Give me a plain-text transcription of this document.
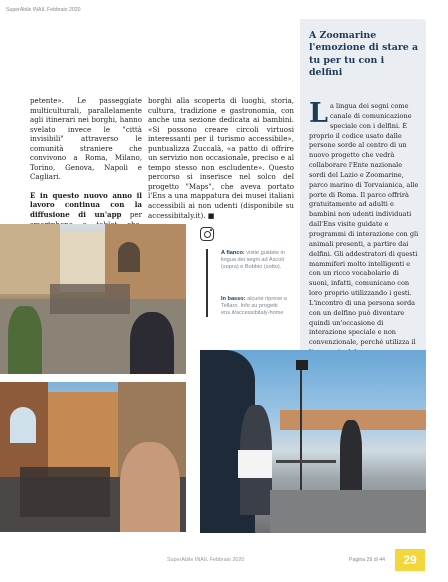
SuperAbile INAIL Febbraio 2020

petente». Le passeggiate multiculturali, parallelamente agli itinerari nei borghi, hanno svelato invece le "città invisibili" attraverso le comunità straniere che convivono a Roma, Milano, Torino, Genova, Napoli e Cagliari.

E in questo nuovo anno il lavoro continua con la diffusione di un'app per

borghi alla scoperta di luoghi, storia, cultura, tradizione e gastronomia, con anche una sezione dedicata ai bambini. «Si possono creare circoli virtuosi interessanti per il turismo accessibile», puntualizza Zuccalà, «a patto di offrire un servizio non occasionale, preciso e al tempo stesso non escludente». Questo percorso si inserisce nel solco del progetto "Maps", che aveva portato l'Ens a una mappatura dei musei italiani accessibili ai non udenti (disponibile su accessibitaly.it). ■

A Zoomarine l'emozione di stare a tu per tu con i delfini
La lingua dei segni come canale di comunicazione speciale con i delfini. È proprio il codice usato dalle persone sorde al centro di un nuovo progetto che vedrà collaborare l'Ente nazionale sordi del Lazio e Zoomarine, parco marino di Torvaianica, alle porte di Roma. Il parco offrirà gratuitamente ad adulti e bambini non udenti individuati dall'Ens visite guidate e programmi di interazione con gli animali presenti, a partire dai delfini. Gli addestratori di questi mammiferi molto intelligenti e con un ricco vocabolario di suoni, infatti, comunicano con loro proprio utilizzando i gesti. L'incontro di una persona sorda con un delfino può diventare quindi un'occasione di interazione speciale e non convenzionale, perché utilizza il
A fianco: visite guidate in lingua dei segni ad Ascoli (sopra) e Bobbio (sotto).
In basso: alcune riprese a Tellaro. Info su progetti ens.it/accessibitaly-home
SuperAbile INAIL Febbraio 2020	Pagina 29 di 44	29
